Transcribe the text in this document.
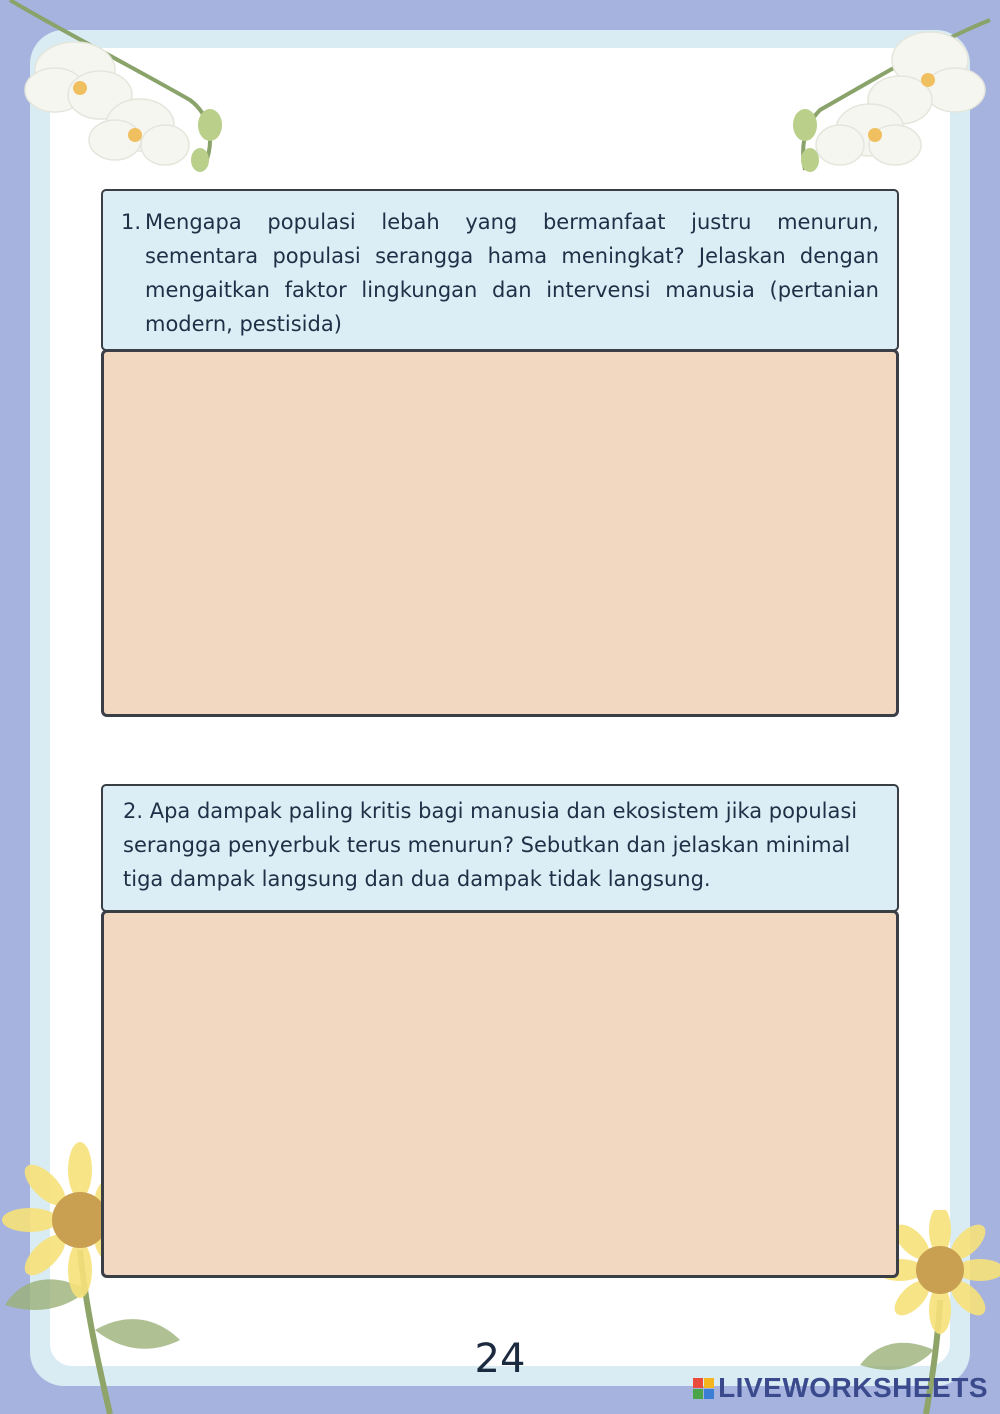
1. Mengapa populasi lebah yang bermanfaat justru menurun, sementara populasi serangga hama meningkat? Jelaskan dengan mengaitkan faktor lingkungan dan intervensi manusia (pertanian modern, pestisida)
2. Apa dampak paling kritis bagi manusia dan ekosistem jika populasi serangga penyerbuk terus menurun? Sebutkan dan jelaskan minimal tiga dampak langsung dan dua dampak tidak langsung.
24
LIVEWORKSHEETS
